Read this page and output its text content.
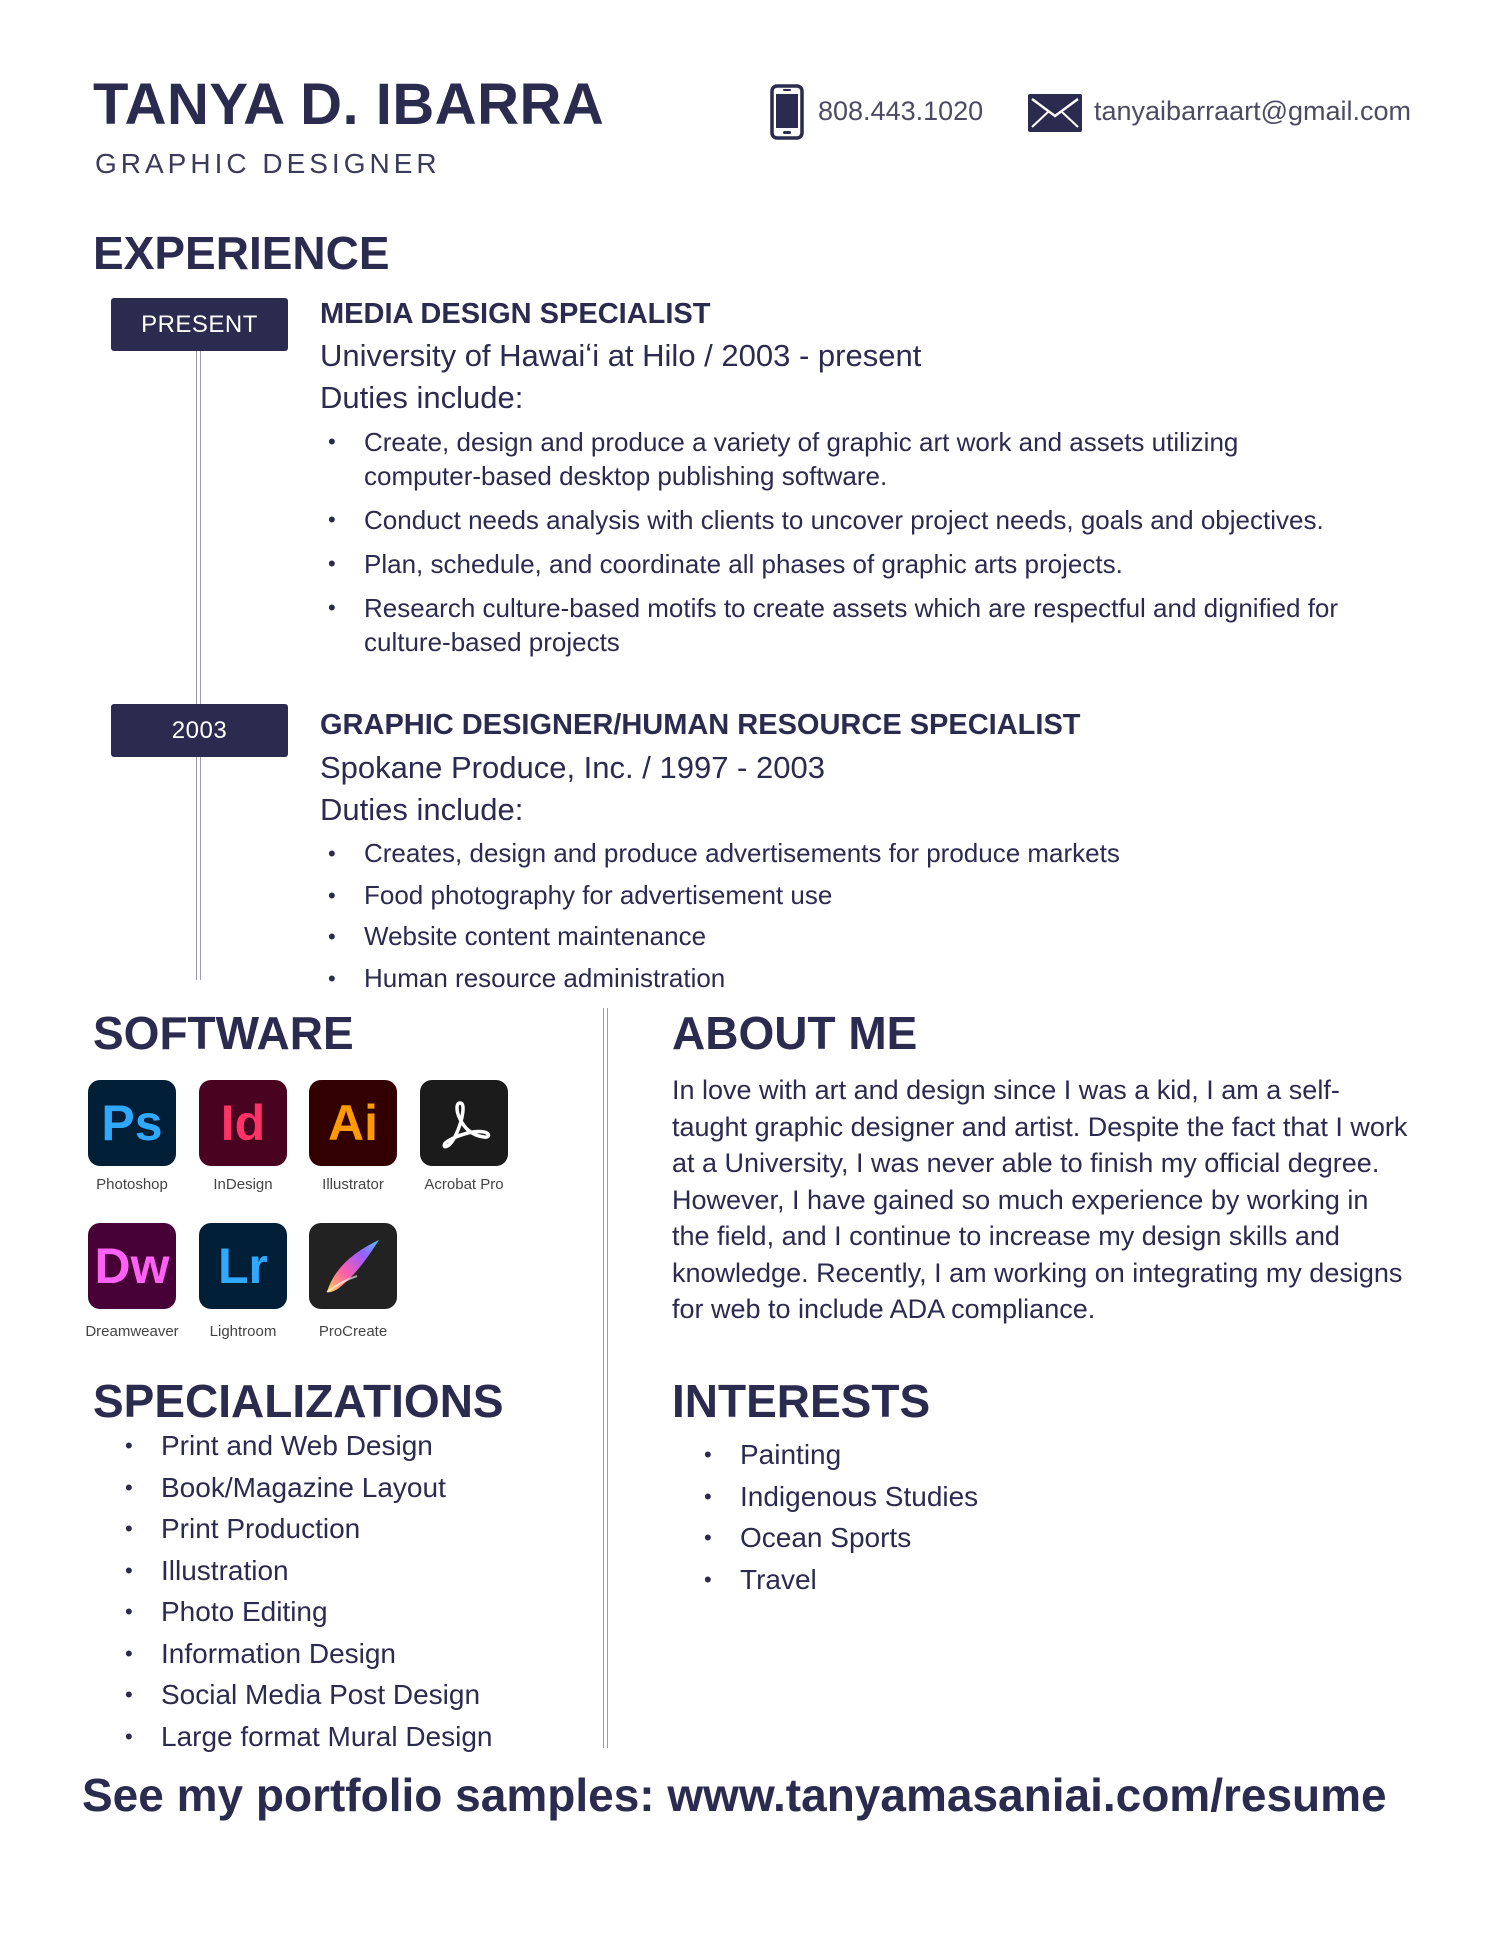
TANYA D. IBARRA
GRAPHIC DESIGNER
808.443.1020	tanyaibarraart@gmail.com
EXPERIENCE
PRESENT	MEDIA DESIGN SPECIALIST
University of Hawaiʻi at Hilo / 2003 - present
Duties include:
• Create, design and produce a variety of graphic art work and assets utilizing computer-based desktop publishing software.
• Conduct needs analysis with clients to uncover project needs, goals and objectives.
• Plan, schedule, and coordinate all phases of graphic arts projects.
• Research culture-based motifs to create assets which are respectful and dignified for culture-based projects
2003	GRAPHIC DESIGNER/HUMAN RESOURCE SPECIALIST
Spokane Produce, Inc. / 1997 - 2003
Duties include:
• Creates, design and produce advertisements for produce markets
• Food photography for advertisement use
• Website content maintenance
• Human resource administration
SOFTWARE
Ps
Photoshop
Id
InDesign
Ai
Illustrator	Acrobat Pro
Dw
Dreamweaver
Lr
Lightroom	ProCreate
SPECIALIZATIONS
• Print and Web Design
• Book/Magazine Layout
• Print Production
• Illustration
• Photo Editing
• Information Design
• Social Media Post Design
• Large format Mural Design
ABOUT ME
In love with art and design since I was a kid, I am a self-taught graphic designer and artist. Despite the fact that I work at a University, I was never able to finish my official degree. However, I have gained so much experience by working in the field, and I continue to increase my design skills and knowledge. Recently, I am working on integrating my designs for web to include ADA compliance.
INTERESTS
• Painting
• Indigenous Studies
• Ocean Sports
• Travel
See my portfolio samples: www.tanyamasaniai.com/resume
